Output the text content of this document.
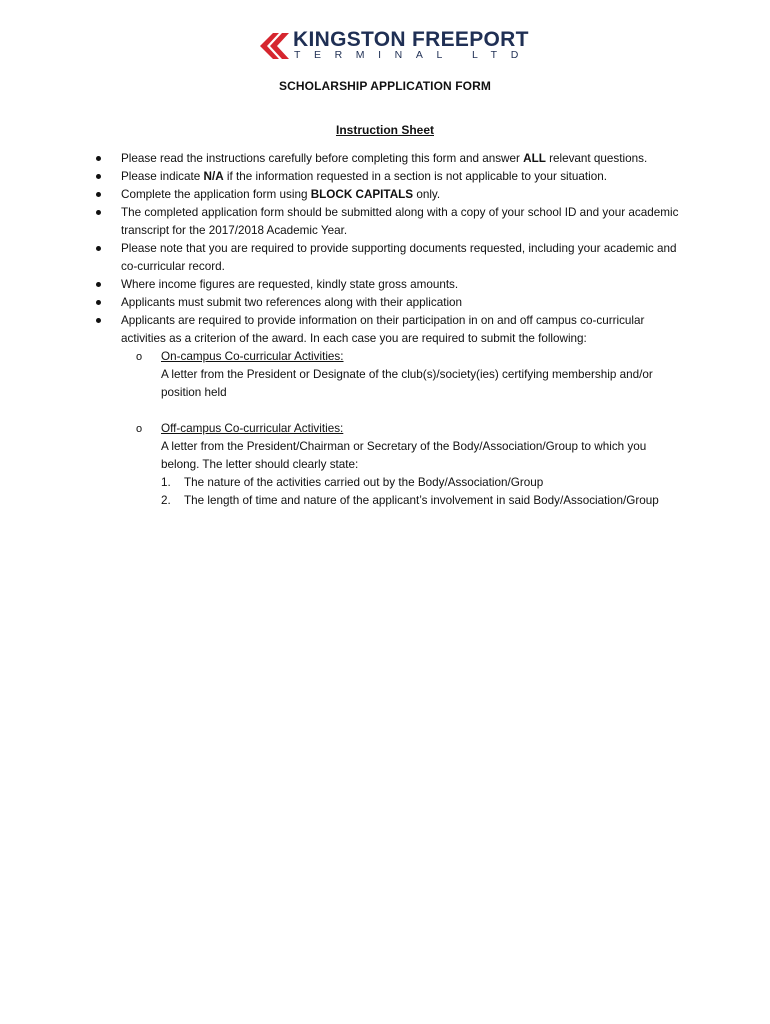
KINGSTON FREEPORT
TERMINAL LTD
SCHOLARSHIP APPLICATION FORM
Instruction Sheet

Please read the instructions carefully before completing this form and answer ALL relevant questions.

Please indicate N/A if the information requested in a section is not applicable to your situation.

Complete the application form using BLOCK CAPITALS only.

The completed application form should be submitted along with a copy of your school ID and your academic transcript for the 2017/2018 Academic Year.

Please note that you are required to provide supporting documents requested, including your academic and co-curricular record.

Where income figures are requested, kindly state gross amounts.

Applicants must submit two references along with their application

Applicants are required to provide information on their participation in on and off campus co-curricular activities as a criterion of the award. In each case you are required to submit the following:

o On-campus Co-curricular Activities:

A letter from the President or Designate of the club(s)/society(ies) certifying membership and/or position held

o Off-campus Co-curricular Activities:

A letter from the President/Chairman or Secretary of the Body/Association/Group to which you belong. The letter should clearly state:

1. The nature of the activities carried out by the Body/Association/Group

2. The length of time and nature of the applicant’s involvement in said Body/Association/Group
